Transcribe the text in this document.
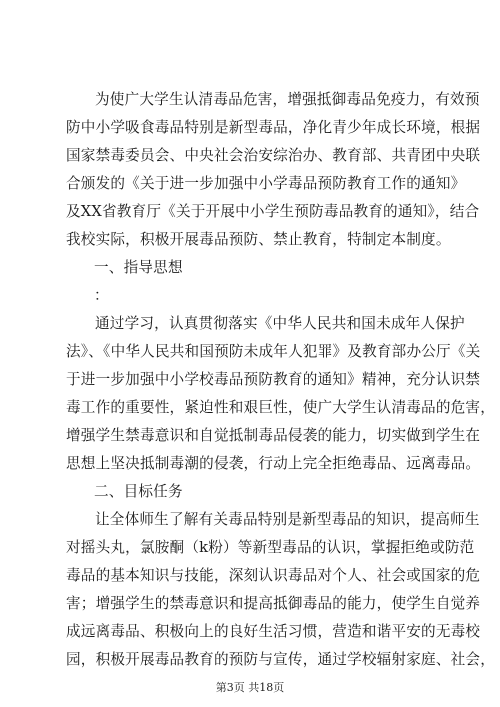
为使广大学生认清毒品危害，增强抵御毒品免疫力，有效预
防中小学吸食毒品特别是新型毒品，净化青少年成长环境，根据
国家禁毒委员会、中央社会治安综治办、教育部、共青团中央联
合颁发的《关于进一步加强中小学毒品预防教育工作的通知》
及XX省教育厅《关于开展中小学生预防毒品教育的通知》，结合
我校实际，积极开展毒品预防、禁止教育，特制定本制度。
一、指导思想
：
通过学习，认真贯彻落实《中华人民共和国未成年人保护
法》、《中华人民共和国预防未成年人犯罪》及教育部办公厅《关
于进一步加强中小学校毒品预防教育的通知》精神，充分认识禁
毒工作的重要性，紧迫性和艰巨性，使广大学生认清毒品的危害，
增强学生禁毒意识和自觉抵制毒品侵袭的能力，切实做到学生在
思想上坚决抵制毒潮的侵袭，行动上完全拒绝毒品、远离毒品。
二、目标任务
让全体师生了解有关毒品特别是新型毒品的知识，提高师生
对摇头丸，氯胺酮（k粉）等新型毒品的认识，掌握拒绝或防范
毒品的基本知识与技能，深刻认识毒品对个人、社会或国家的危
害；增强学生的禁毒意识和提高抵御毒品的能力，使学生自觉养
成远离毒品、积极向上的良好生活习惯，营造和谐平安的无毒校
园，积极开展毒品教育的预防与宣传，通过学校辐射家庭、社会，
第3页 共18页
